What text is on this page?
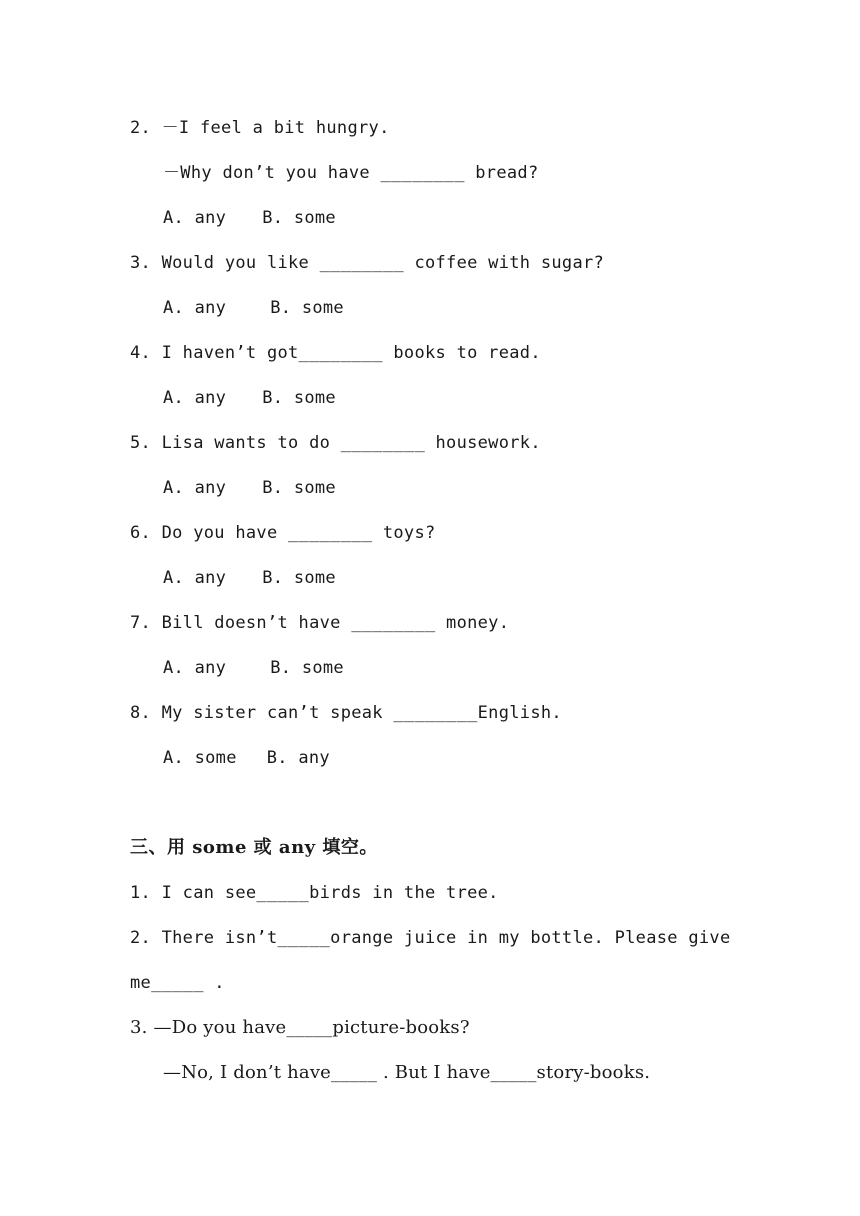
2. －I feel a bit hungry.
－Why don’t you have ________ bread?
A. any B. some
3. Would you like ________ coffee with sugar?
A. any	B. some
4. I haven’t got________ books to read.
A. any B. some
5. Lisa wants to do ________ housework.
A. any B. some
6. Do you have ________ toys?
A. any B. some
7. Bill doesn’t have ________ money.
A. any	B. some
8. My sister can’t speak ________English.
A. some B. any
三、用 some 或 any 填空。
1. I can see_____birds in the tree.
2. There isn’t_____orange juice in my bottle. Please give
me_____ .
3. —Do you have_____picture-books?
—No, I don’t have_____ . But I have_____story-books.
